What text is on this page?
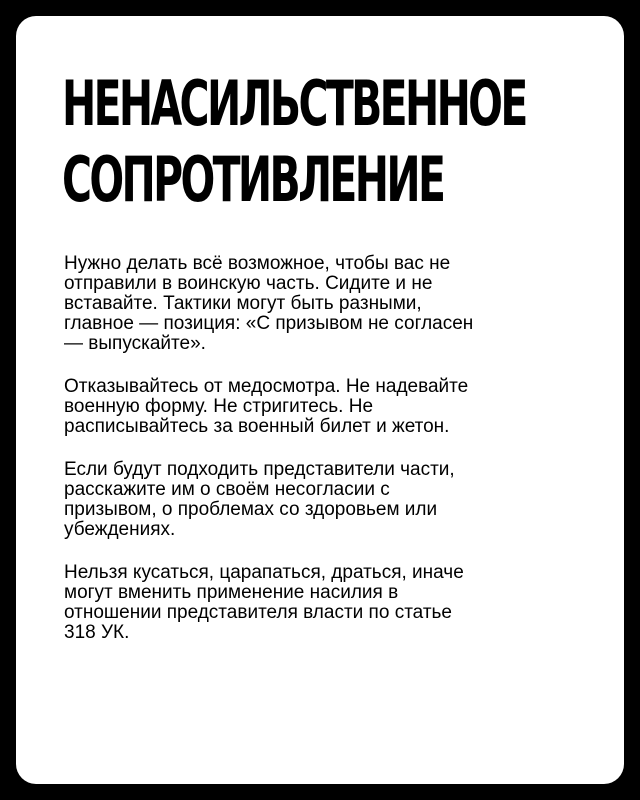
НЕНАСИЛЬСТВЕННОЕ
СОПРОТИВЛЕНИЕ

Нужно делать всё возможное, чтобы вас не
отправили в воинскую часть. Сидите и не
вставайте. Тактики могут быть разными,
главное — позиция: «С призывом не согласен
— выпускайте».

Отказывайтесь от медосмотра. Не надевайте
военную форму. Не стригитесь. Не
расписывайтесь за военный билет и жетон.

Если будут подходить представители части,
расскажите им о своём несогласии с
призывом, о проблемах со здоровьем или
убеждениях.

Нельзя кусаться, царапаться, драться, иначе
могут вменить применение насилия в
отношении представителя власти по статье
318 УК.
